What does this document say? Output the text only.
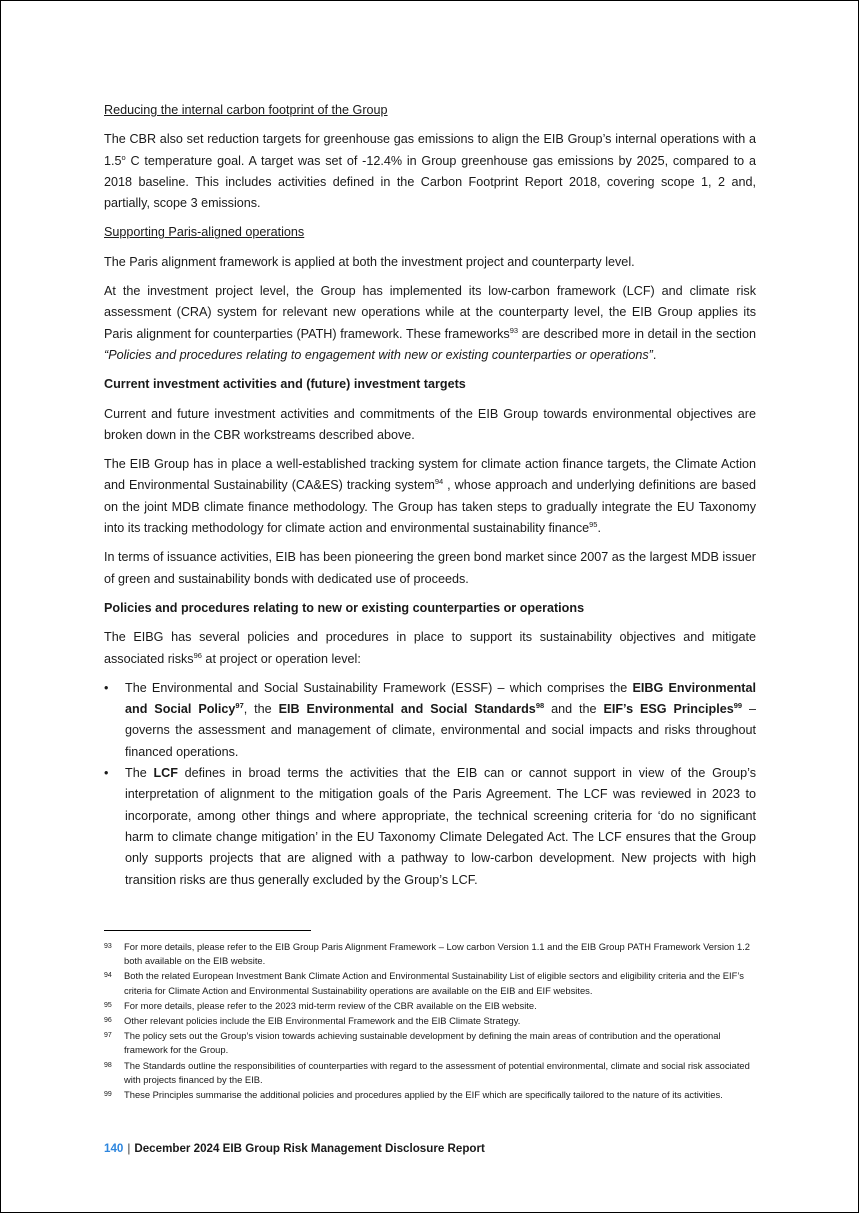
Reducing the internal carbon footprint of the Group

The CBR also set reduction targets for greenhouse gas emissions to align the EIB Group’s internal operations with a 1.5$^o$ C temperature goal. A target was set of -12.4% in Group greenhouse gas emissions by 2025, compared to a 2018 baseline. This includes activities defined in the Carbon Footprint Report 2018, covering scope 1, 2 and, partially, scope 3 emissions.

Supporting Paris-aligned operations

The Paris alignment framework is applied at both the investment project and counterparty level.

At the investment project level, the Group has implemented its low-carbon framework (LCF) and climate risk assessment (CRA) system for relevant new operations while at the counterparty level, the EIB Group applies its Paris alignment for counterparties (PATH) framework. These frameworks$^{93}$ are described more in detail in the section “Policies and procedures relating to engagement with new or existing counterparties or operations”.

Current investment activities and (future) investment targets

Current and future investment activities and commitments of the EIB Group towards environmental objectives are broken down in the CBR workstreams described above.

The EIB Group has in place a well-established tracking system for climate action finance targets, the Climate Action and Environmental Sustainability (CA&ES) tracking system$^{94}$ , whose approach and underlying definitions are based on the joint MDB climate finance methodology. The Group has taken steps to gradually integrate the EU Taxonomy into its tracking methodology for climate action and environmental sustainability finance$^{95}$.

In terms of issuance activities, EIB has been pioneering the green bond market since 2007 as the largest MDB issuer of green and sustainability bonds with dedicated use of proceeds.

Policies and procedures relating to new or existing counterparties or operations

The EIBG has several policies and procedures in place to support its sustainability objectives and mitigate associated risks$^{96}$ at project or operation level:

• The Environmental and Social Sustainability Framework (ESSF) – which comprises the EIBG Environmental and Social Policy$^{97}$, the EIB Environmental and Social Standards$^{98}$ and the EIF’s ESG Principles$^{99}$ – governs the assessment and management of climate, environmental and social impacts and risks throughout financed operations.
• The LCF defines in broad terms the activities that the EIB can or cannot support in view of the Group’s interpretation of alignment to the mitigation goals of the Paris Agreement. The LCF was reviewed in 2023 to incorporate, among other things and where appropriate, the technical screening criteria for ‘do no significant harm to climate change mitigation’ in the EU Taxonomy Climate Delegated Act. The LCF ensures that the Group only supports projects that are aligned with a pathway to low-carbon development. New projects with high transition risks are thus generally excluded by the Group’s LCF.
93	For more details, please refer to the EIB Group Paris Alignment Framework – Low carbon Version 1.1 and the EIB Group PATH Framework Version 1.2 both available on the EIB website.
94	Both the related European Investment Bank Climate Action and Environmental Sustainability List of eligible sectors and eligibility criteria and the EIF’s criteria for Climate Action and Environmental Sustainability operations are available on the EIB and EIF websites.
95	For more details, please refer to the 2023 mid-term review of the CBR available on the EIB website.
96	Other relevant policies include the EIB Environmental Framework and the EIB Climate Strategy.
97	The policy sets out the Group’s vision towards achieving sustainable development by defining the main areas of contribution and the operational framework for the Group.
98	The Standards outline the responsibilities of counterparties with regard to the assessment of potential environmental, climate and social risk associated with projects financed by the EIB.
99	These Principles summarise the additional policies and procedures applied by the EIF which are specifically tailored to the nature of its activities.
140 | December 2024 EIB Group Risk Management Disclosure Report
